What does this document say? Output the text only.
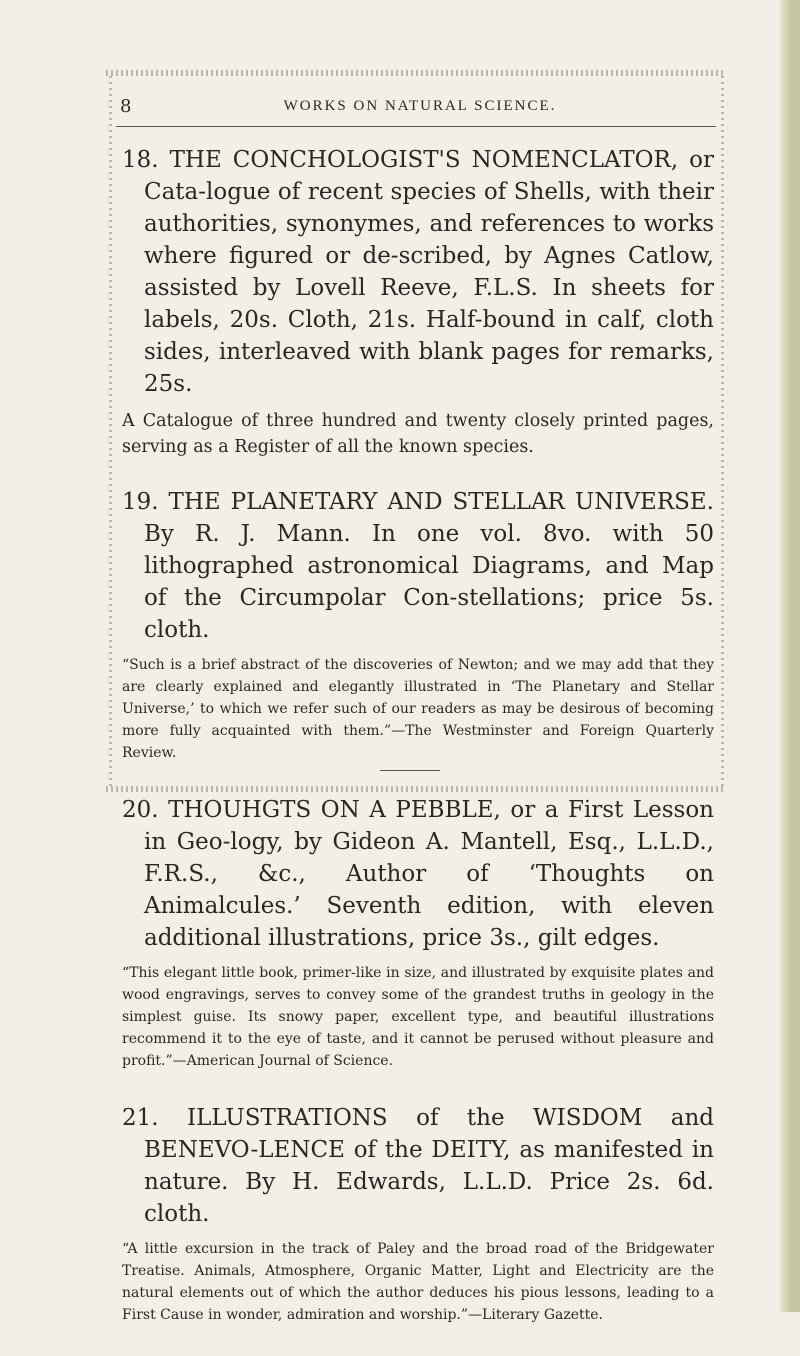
8	WORKS ON NATURAL SCIENCE.

18. THE CONCHOLOGIST'S NOMENCLATOR, or Cata-logue of recent species of Shells, with their authorities, synonymes, and references to works where figured or de-scribed, by Agnes Catlow, assisted by Lovell Reeve, F.L.S. In sheets for labels, 20s. Cloth, 21s. Half-bound in calf, cloth sides, interleaved with blank pages for remarks, 25s.

A Catalogue of three hundred and twenty closely printed pages, serving as a Register of all the known species.

19. THE PLANETARY AND STELLAR UNIVERSE. By R. J. Mann. In one vol. 8vo. with 50 lithographed astronomical Diagrams, and Map of the Circumpolar Con-stellations; price 5s. cloth.

“Such is a brief abstract of the discoveries of Newton; and we may add that they are clearly explained and elegantly illustrated in ‘The Planetary and Stellar Universe,’ to which we refer such of our readers as may be desirous of becoming more fully acquainted with them.”—The Westminster and Foreign Quarterly Review.

20. THOUHGTS ON A PEBBLE, or a First Lesson in Geo-logy, by Gideon A. Mantell, Esq., L.L.D., F.R.S., &c., Author of ‘Thoughts on Animalcules.’ Seventh edition, with eleven additional illustrations, price 3s., gilt edges.

“This elegant little book, primer-like in size, and illustrated by exquisite plates and wood engravings, serves to convey some of the grandest truths in geology in the simplest guise. Its snowy paper, excellent type, and beautiful illustrations recommend it to the eye of taste, and it cannot be perused without pleasure and profit.”—American Journal of Science.

21. ILLUSTRATIONS of the WISDOM and BENEVO-LENCE of the DEITY, as manifested in nature. By H. Edwards, L.L.D. Price 2s. 6d. cloth.

“A little excursion in the track of Paley and the broad road of the Bridgewater Treatise. Animals, Atmosphere, Organic Matter, Light and Electricity are the natural elements out of which the author deduces his pious lessons, leading to a First Cause in wonder, admiration and worship.”—Literary Gazette.
